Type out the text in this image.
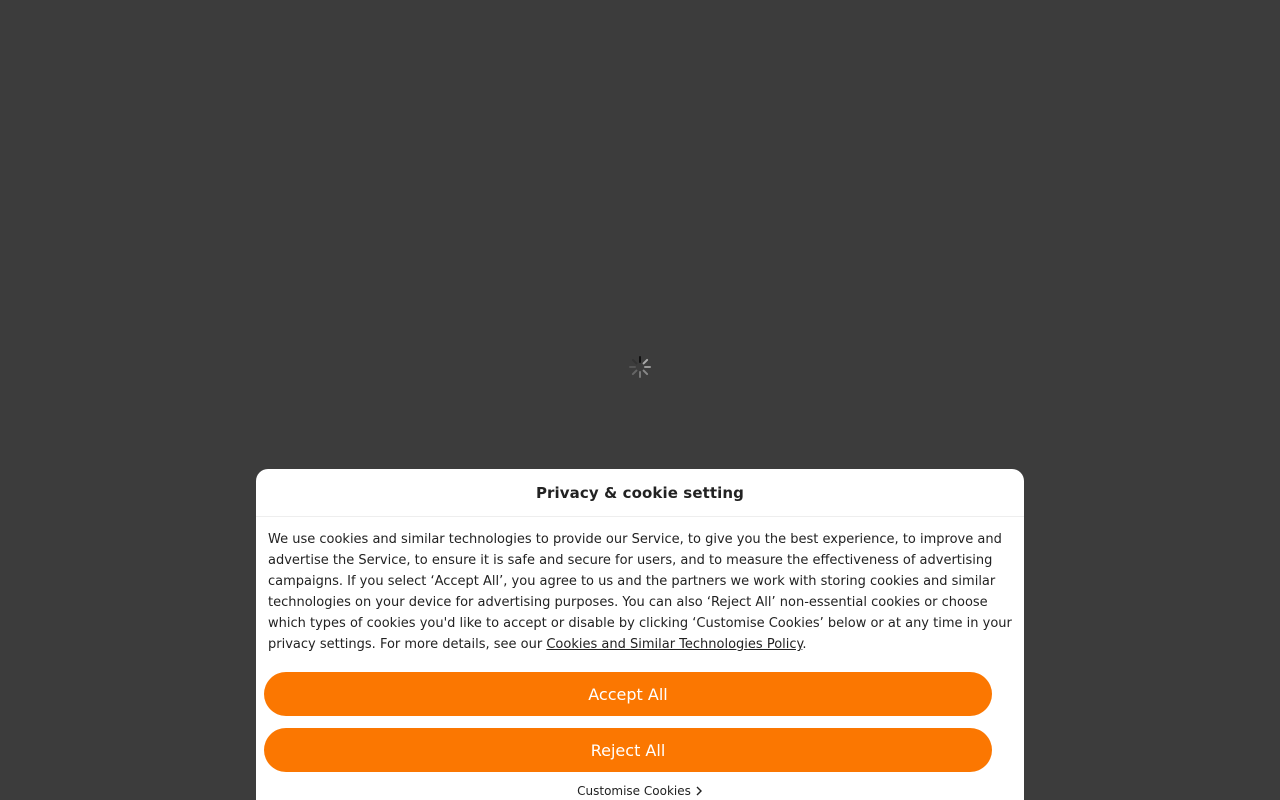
Privacy & cookie setting

We use cookies and similar technologies to provide our Service, to give you the best experience, to improve and advertise the Service, to ensure it is safe and secure for users, and to measure the effectiveness of advertising campaigns. If you select ‘Accept All’, you agree to us and the partners we work with storing cookies and similar technologies on your device for advertising purposes. You can also ‘Reject All’ non-essential cookies or choose which types of cookies you'd like to accept or disable by clicking ‘Customise Cookies’ below or at any time in your privacy settings. For more details, see our Cookies and Similar Technologies Policy.

Accept All
Reject All
Customise Cookies
